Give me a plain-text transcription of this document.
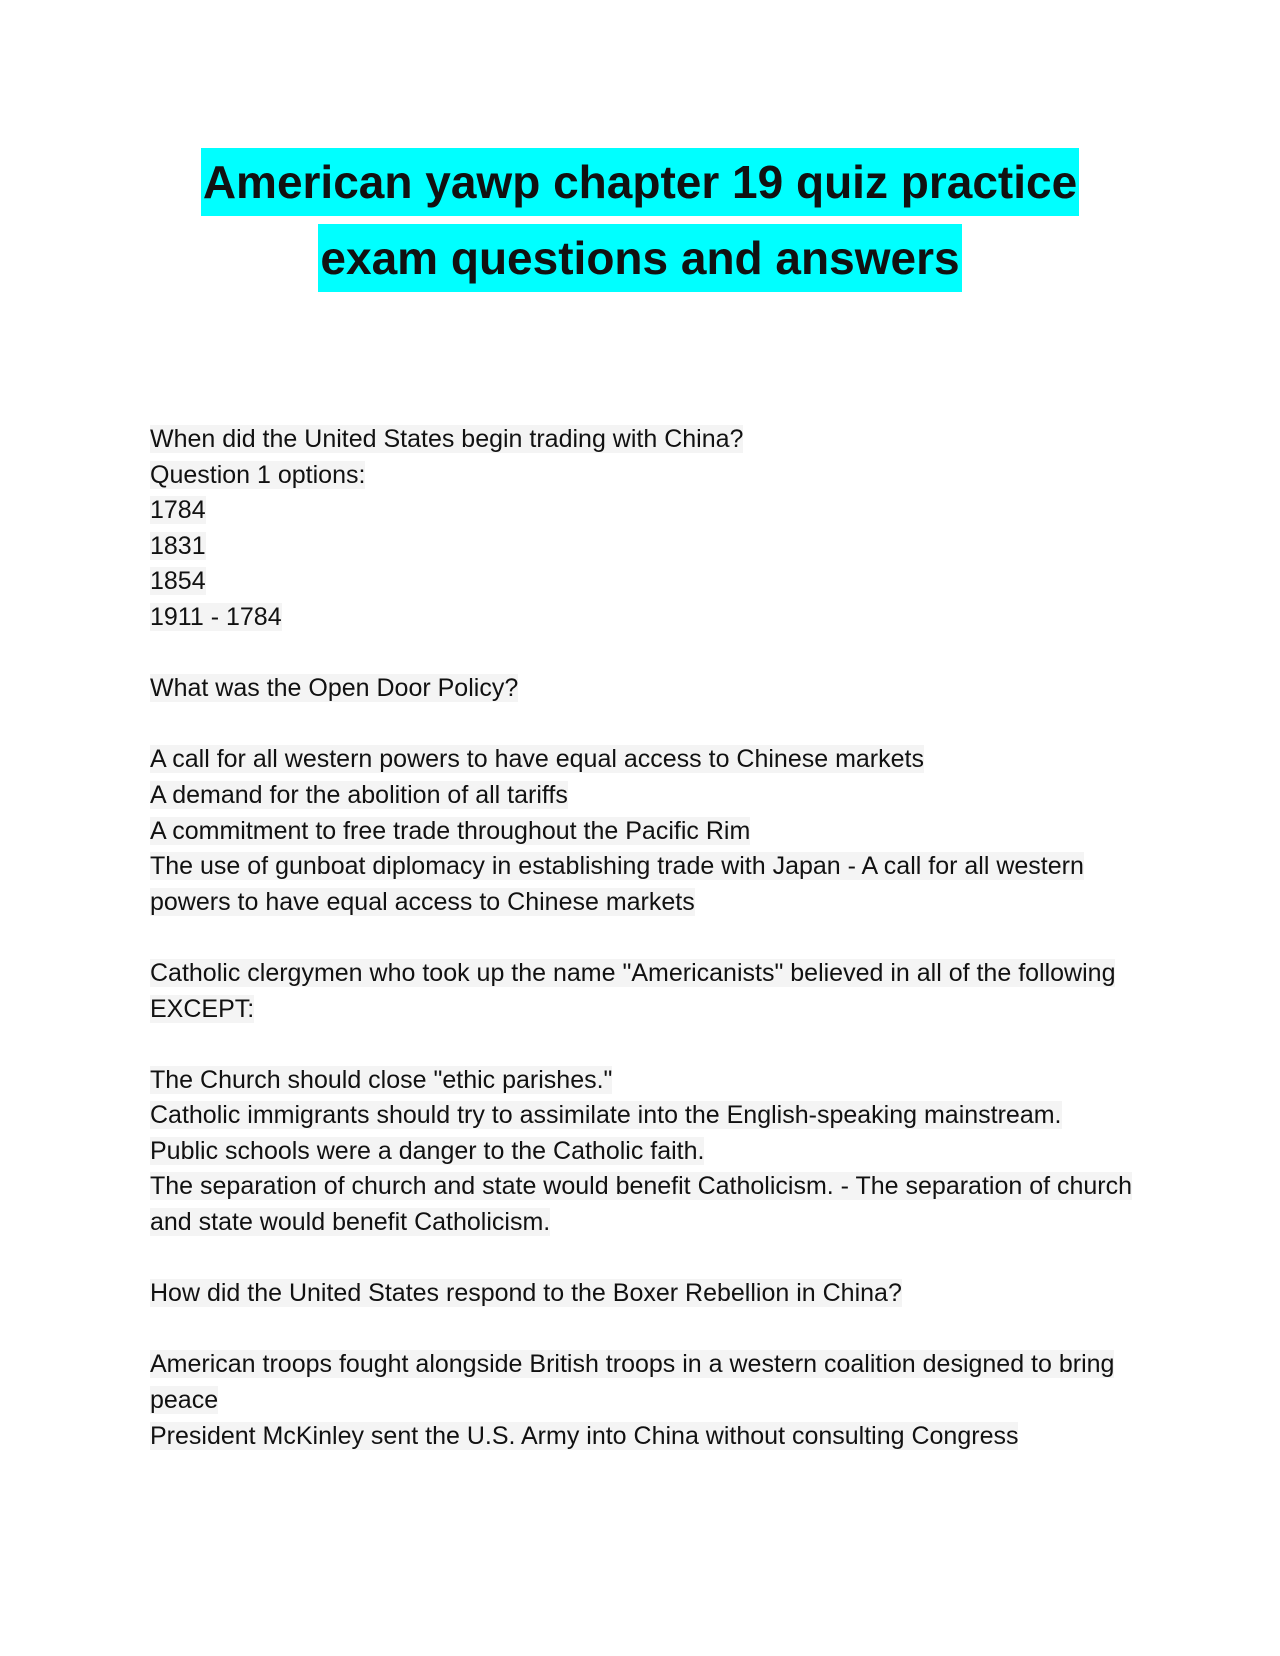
American yawp chapter 19 quiz practice
exam questions and answers
When did the United States begin trading with China?
Question 1 options:
1784
1831
1854
1911 - 1784
What was the Open Door Policy?
A call for all western powers to have equal access to Chinese markets
A demand for the abolition of all tariffs
A commitment to free trade throughout the Pacific Rim
The use of gunboat diplomacy in establishing trade with Japan - A call for all western powers to have equal access to Chinese markets
Catholic clergymen who took up the name "Americanists" believed in all of the following EXCEPT:
The Church should close "ethic parishes."
Catholic immigrants should try to assimilate into the English-speaking mainstream.
Public schools were a danger to the Catholic faith.
The separation of church and state would benefit Catholicism. - The separation of church and state would benefit Catholicism.
How did the United States respond to the Boxer Rebellion in China?
American troops fought alongside British troops in a western coalition designed to bring peace
President McKinley sent the U.S. Army into China without consulting Congress
